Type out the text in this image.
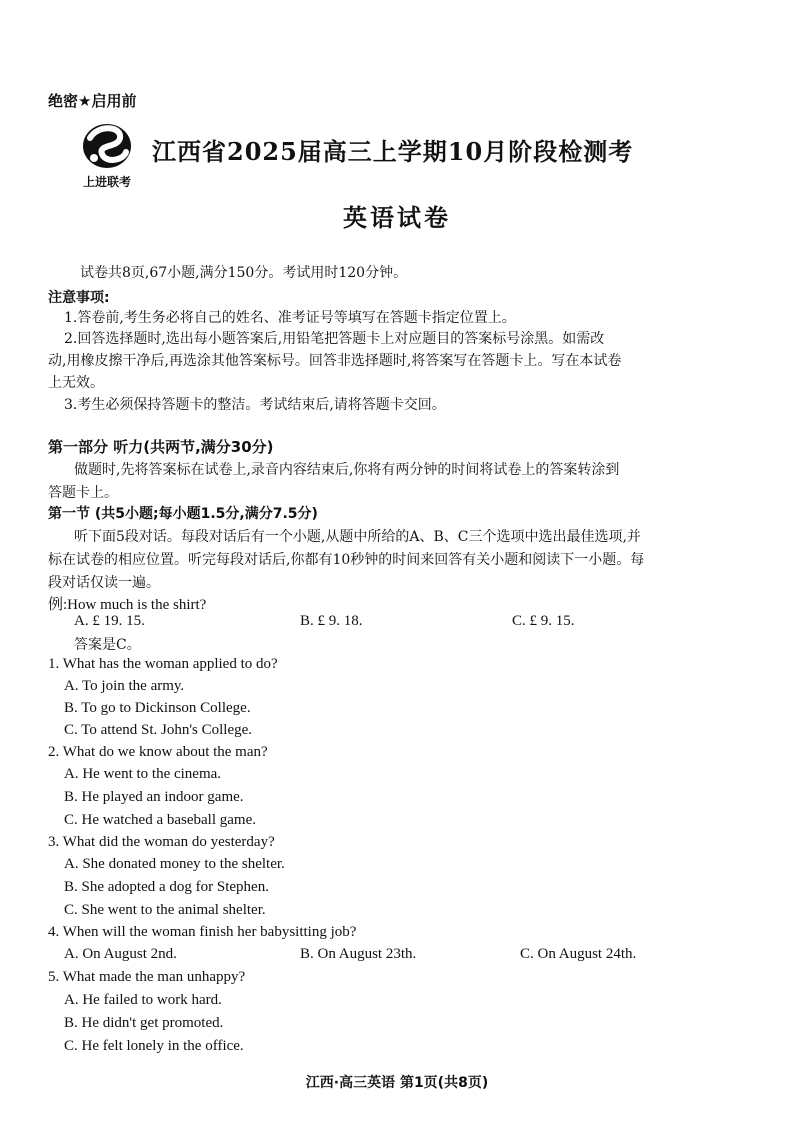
绝密★启用前
上进联考
江西省2025届高三上学期10月阶段检测考
英语试卷
试卷共8页,67小题,满分150分。考试用时120分钟。
注意事项:
1.答卷前,考生务必将自己的姓名、准考证号等填写在答题卡指定位置上。
2.回答选择题时,选出每小题答案后,用铅笔把答题卡上对应题目的答案标号涂黑。如需改
动,用橡皮擦干净后,再选涂其他答案标号。回答非选择题时,将答案写在答题卡上。写在本试卷
上无效。
3.考生必须保持答题卡的整洁。考试结束后,请将答题卡交回。
第一部分 听力(共两节,满分30分)
做题时,先将答案标在试卷上,录音内容结束后,你将有两分钟的时间将试卷上的答案转涂到
答题卡上。
第一节 (共5小题;每小题1.5分,满分7.5分)
听下面5段对话。每段对话后有一个小题,从题中所给的A、B、C三个选项中选出最佳选项,并
标在试卷的相应位置。听完每段对话后,你都有10秒钟的时间来回答有关小题和阅读下一小题。每
段对话仅读一遍。
例:How much is the shirt?
A. £ 19. 15.	B. £ 9. 18.	C. £ 9. 15.
答案是C。
1. What has the woman applied to do?
A. To join the army.
B. To go to Dickinson College.
C. To attend St. John's College.
2. What do we know about the man?
A. He went to the cinema.
B. He played an indoor game.
C. He watched a baseball game.
3. What did the woman do yesterday?
A. She donated money to the shelter.
B. She adopted a dog for Stephen.
C. She went to the animal shelter.
4. When will the woman finish her babysitting job?
A. On August 2nd.	B. On August 23th.	C. On August 24th.
5. What made the man unhappy?
A. He failed to work hard.
B. He didn't get promoted.
C. He felt lonely in the office.
江西·高三英语 第1页(共8页)
